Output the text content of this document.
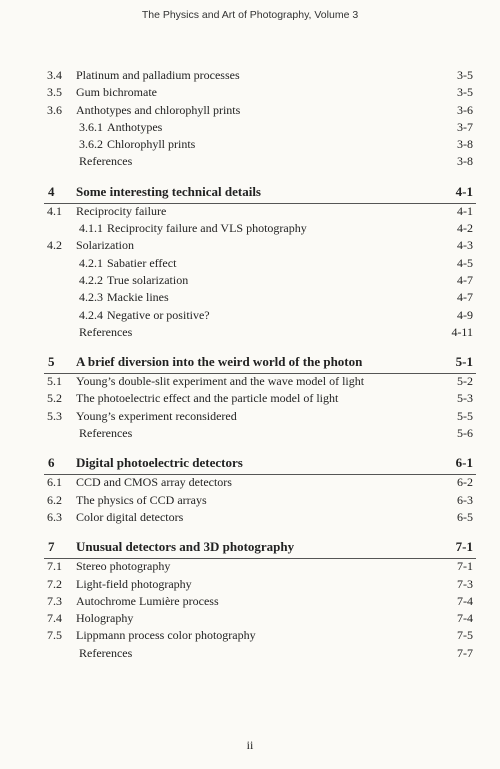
The Physics and Art of Photography, Volume 3
3.4 Platinum and palladium processes	3-5
3.5 Gum bichromate	3-5
3.6 Anthotypes and chlorophyll prints	3-6
3.6.1 Anthotypes	3-7
3.6.2 Chlorophyll prints	3-8
References	3-8
4 Some interesting technical details	4-1
4.1 Reciprocity failure	4-1
4.1.1 Reciprocity failure and VLS photography	4-2
4.2 Solarization	4-3
4.2.1 Sabatier effect	4-5
4.2.2 True solarization	4-7
4.2.3 Mackie lines	4-7
4.2.4 Negative or positive?	4-9
References	4-11
5 A brief diversion into the weird world of the photon	5-1
5.1 Young’s double-slit experiment and the wave model of light	5-2
5.2 The photoelectric effect and the particle model of light	5-3
5.3 Young’s experiment reconsidered	5-5
References	5-6
6 Digital photoelectric detectors	6-1
6.1 CCD and CMOS array detectors	6-2
6.2 The physics of CCD arrays	6-3
6.3 Color digital detectors	6-5
7 Unusual detectors and 3D photography	7-1
7.1 Stereo photography	7-1
7.2 Light-field photography	7-3
7.3 Autochrome Lumière process	7-4
7.4 Holography	7-4
7.5 Lippmann process color photography	7-5
References	7-7
ii
